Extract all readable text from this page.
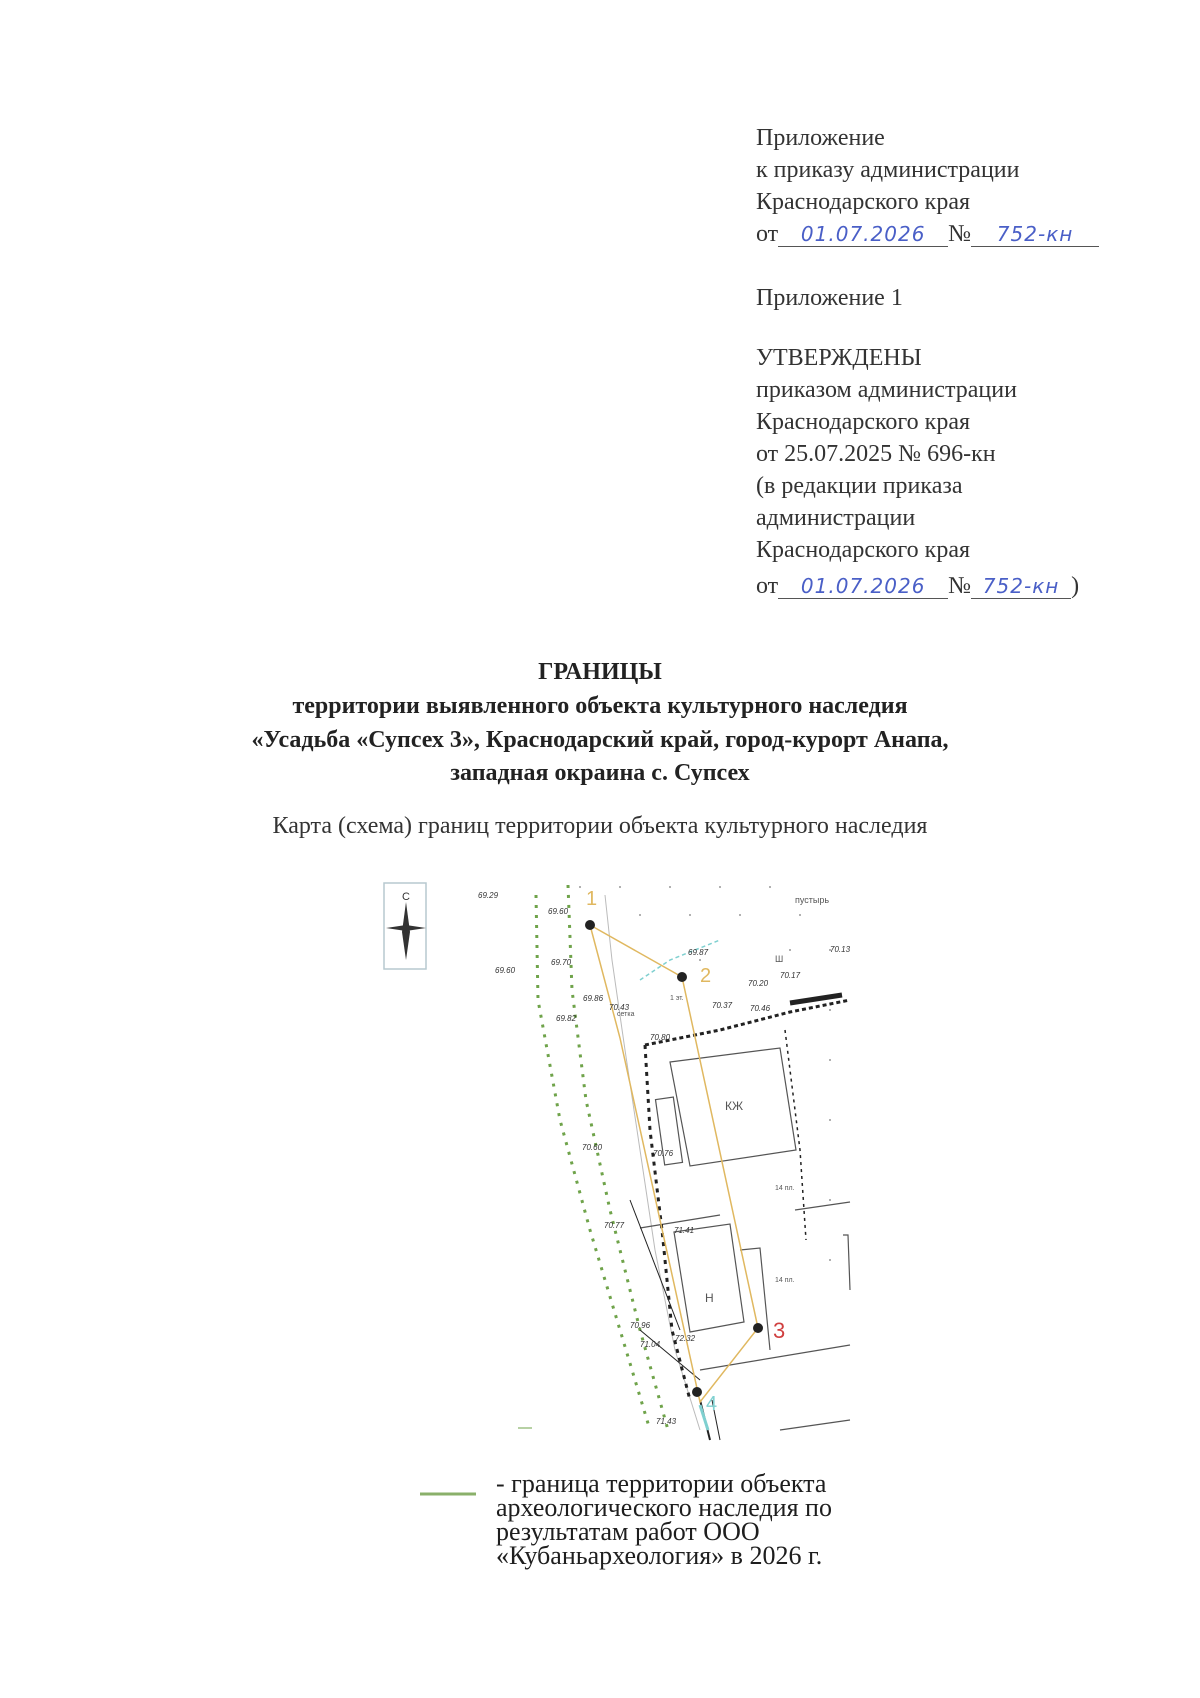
Приложение
к приказу администрации
Краснодарского края
от 01.07.2026 № 752-кн
Приложение 1
УТВЕРЖДЕНЫ
приказом администрации
Краснодарского края
от 25.07.2025 № 696-кн
(в редакции приказа
администрации
Краснодарского края
от 01.07.2026 № 752-кн )
ГРАНИЦЫ
территории выявленного объекта культурного наследия
«Усадьба «Супсех 3», Краснодарский край, город-курорт Анапа,
западная окраина с. Супсех
Карта (схема) границ территории объекта культурного наследия
С	1
2
3
4
КЖ
Н
пустырь
Ш
сетка
1 эт.
14 пл.
14 пл.
69.29
69.60
69.87
69.70
69.60
69.86
69.82
70.43	70.37
70.20
70.17
70.13
70.46
70.80
70.76
70.60
70.77
71.41
70.96
71.04
72.32
71.43
- граница территории объекта
археологического наследия по
результатам работ ООО
«Кубаньархеология» в 2026 г.
